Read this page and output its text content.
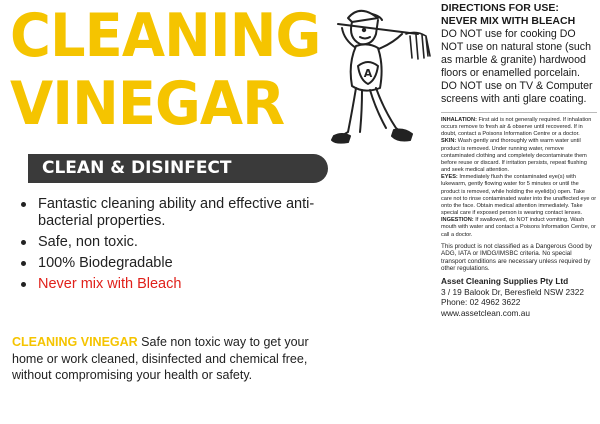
CLEANING
VINEGAR	A
CLEAN & DISINFECT
Fantastic cleaning ability and effective anti-bacterial properties.
Safe, non toxic.
100% Biodegradable
Never mix with Bleach
CLEANING VINEGAR Safe non toxic way to get your home or work cleaned, disinfected and chemical free, without compromising your health or safety.
DIRECTIONS FOR USE:
NEVER MIX WITH BLEACH
DO NOT use for cooking DO NOT use on natural stone (such as marble & granite) hardwood floors or enamelled porcelain. DO NOT use on TV & Computer screens with anti glare coating.

INHALATION: First aid is not generally required. If inhalation occurs remove to fresh air & observe until recovered. If in doubt, contact a Poisons Information Centre or a doctor.

SKIN: Wash gently and thoroughly with warm water until product is removed. Under running water, remove contaminated clothing and completely decontaminate them before reuse or discard. If irritation persists, repeat flushing and seek medical attention.

EYES: Immediately flush the contaminated eye(s) with lukewarm, gently flowing water for 5 minutes or until the product is removed, while holding the eyelid(s) open. Take care not to rinse contaminated water into the unaffected eye or onto the face. Obtain medical attention immediately. Take special care if exposed person is wearing contact lenses.

INGESTION: If swallowed, do NOT induct vomiting. Wash mouth with water and contact a Poisons Information Centre, or call a doctor.

This product is not classified as a Dangerous Good by ADG, IATA or IMDG/IMSBC criteria. No special transport conditions are necessary unless required by other regulations.
Asset Cleaning Supplies Pty Ltd
3 / 19 Balook Dr, Beresfield NSW 2322
Phone: 02 4962 3622
www.assetclean.com.au
